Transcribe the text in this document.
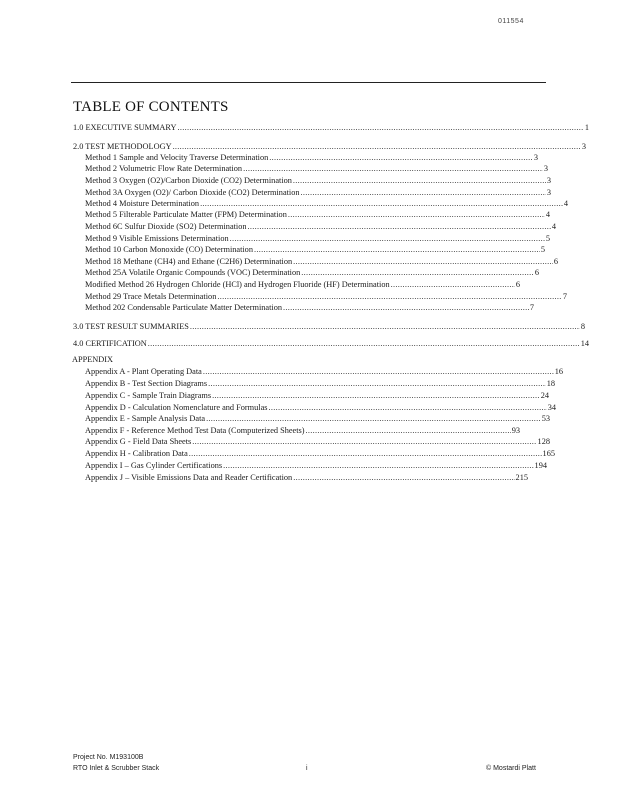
011554
TABLE OF CONTENTS
1.0 EXECUTIVE SUMMARY .....	1
2.0 TEST METHODOLOGY .....	3
Method 1 Sample and Velocity Traverse Determination .....	3
Method 2 Volumetric Flow Rate Determination .....	3
Method 3 Oxygen (O2)/Carbon Dioxide (CO2) Determination .....	3
Method 3A Oxygen (O2)/ Carbon Dioxide (CO2) Determination .....	3
Method 4 Moisture Determination .....	4
Method 5 Filterable Particulate Matter (FPM) Determination .....	4
Method 6C Sulfur Dioxide (SO2) Determination .....	4
Method 9 Visible Emissions Determination .....	5
Method 10 Carbon Monoxide (CO) Determination .....	5
Method 18 Methane (CH4) and Ethane (C2H6) Determination .....	6
Method 25A Volatile Organic Compounds (VOC) Determination .....	6
Modified Method 26 Hydrogen Chloride (HCl) and Hydrogen Fluoride (HF) Determination .....	6
Method 29 Trace Metals Determination .....	7
Method 202 Condensable Particulate Matter Determination .....	7
3.0 TEST RESULT SUMMARIES .....	8
4.0 CERTIFICATION .....	14
Appendix A - Plant Operating Data .....	16
Appendix B - Test Section Diagrams .....	18
Appendix C - Sample Train Diagrams .....	24
Appendix D - Calculation Nomenclature and Formulas .....	34
Appendix E - Sample Analysis Data .....	53
Appendix F - Reference Method Test Data (Computerized Sheets) .....	93
Appendix G - Field Data Sheets .....	128
Appendix H - Calibration Data .....	165
Appendix I – Gas Cylinder Certifications .....	194
Appendix J – Visible Emissions Data and Reader Certification .....	215
APPENDIX
Project No. M193100B
RTO Inlet & Scrubber Stack	i	© Mostardi Platt
